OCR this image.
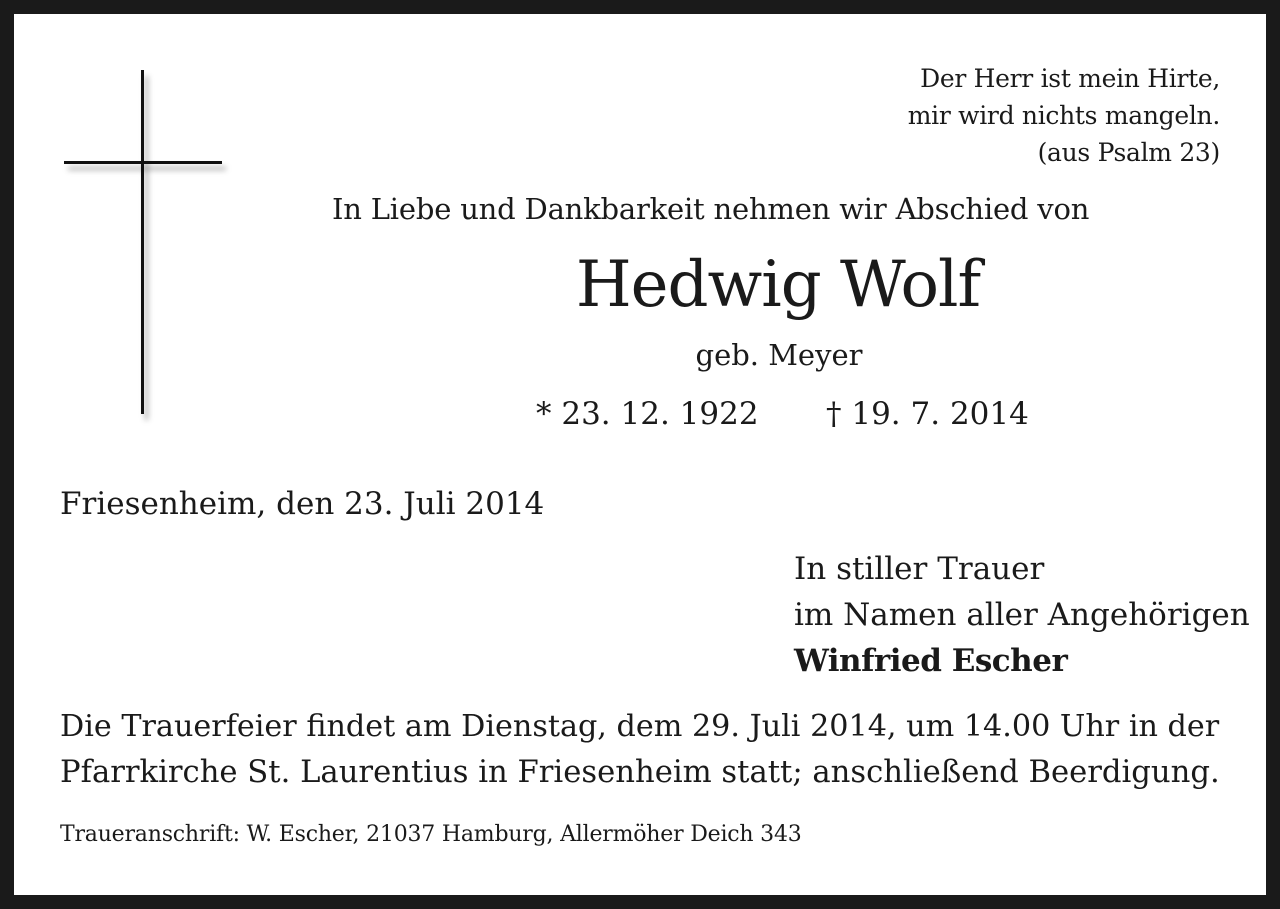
Der Herr ist mein Hirte,
mir wird nichts mangeln.
(aus Psalm 23)
In Liebe und Dankbarkeit nehmen wir Abschied von
Hedwig Wolf
geb. Meyer
* 23. 12. 1922 † 19. 7. 2014
Friesenheim, den 23. Juli 2014
In stiller Trauer
im Namen aller Angehörigen
Winfried Escher
Die Trauerfeier findet am Dienstag, dem 29. Juli 2014, um 14.00 Uhr in der
Pfarrkirche St. Laurentius in Friesenheim statt; anschließend Beerdigung.
Traueranschrift: W. Escher, 21037 Hamburg, Allermöher Deich 343
